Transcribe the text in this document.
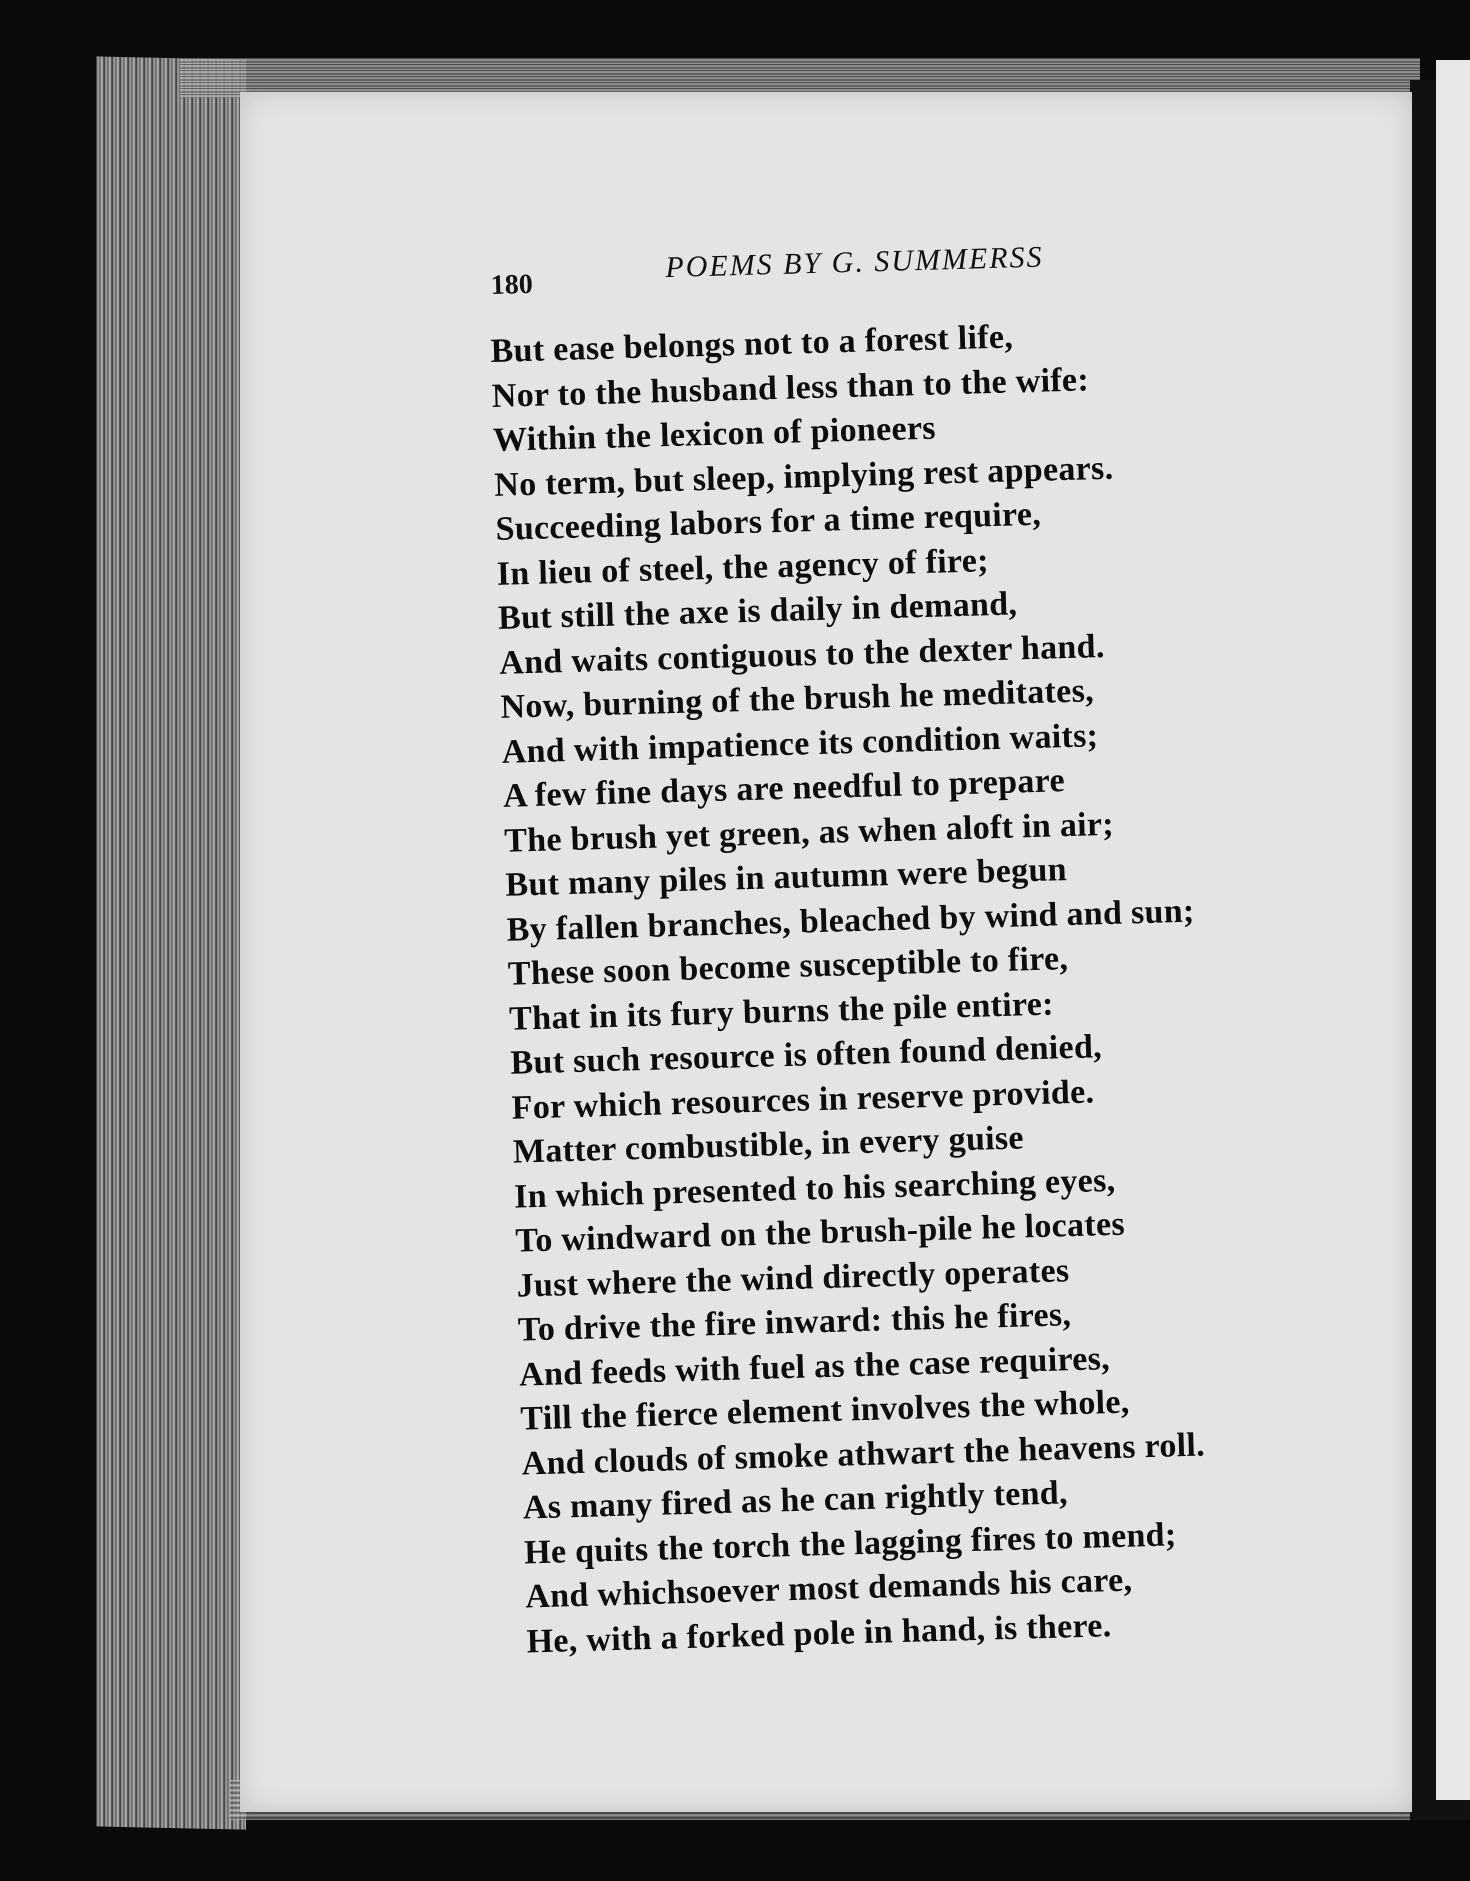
180
POEMS BY G. SUMMERSS
But ease belongs not to a forest life,
Nor to the husband less than to the wife:
Within the lexicon of pioneers
No term, but sleep, implying rest appears.
Succeeding labors for a time require,
In lieu of steel, the agency of fire;
But still the axe is daily in demand,
And waits contiguous to the dexter hand.
Now, burning of the brush he meditates,
And with impatience its condition waits;
A few fine days are needful to prepare
The brush yet green, as when aloft in air;
But many piles in autumn were begun
By fallen branches, bleached by wind and sun;
These soon become susceptible to fire,
That in its fury burns the pile entire:
But such resource is often found denied,
For which resources in reserve provide.
Matter combustible, in every guise
In which presented to his searching eyes,
To windward on the brush-pile he locates
Just where the wind directly operates
To drive the fire inward: this he fires,
And feeds with fuel as the case requires,
Till the fierce element involves the whole,
And clouds of smoke athwart the heavens roll.
As many fired as he can rightly tend,
He quits the torch the lagging fires to mend;
And whichsoever most demands his care,
He, with a forked pole in hand, is there.
